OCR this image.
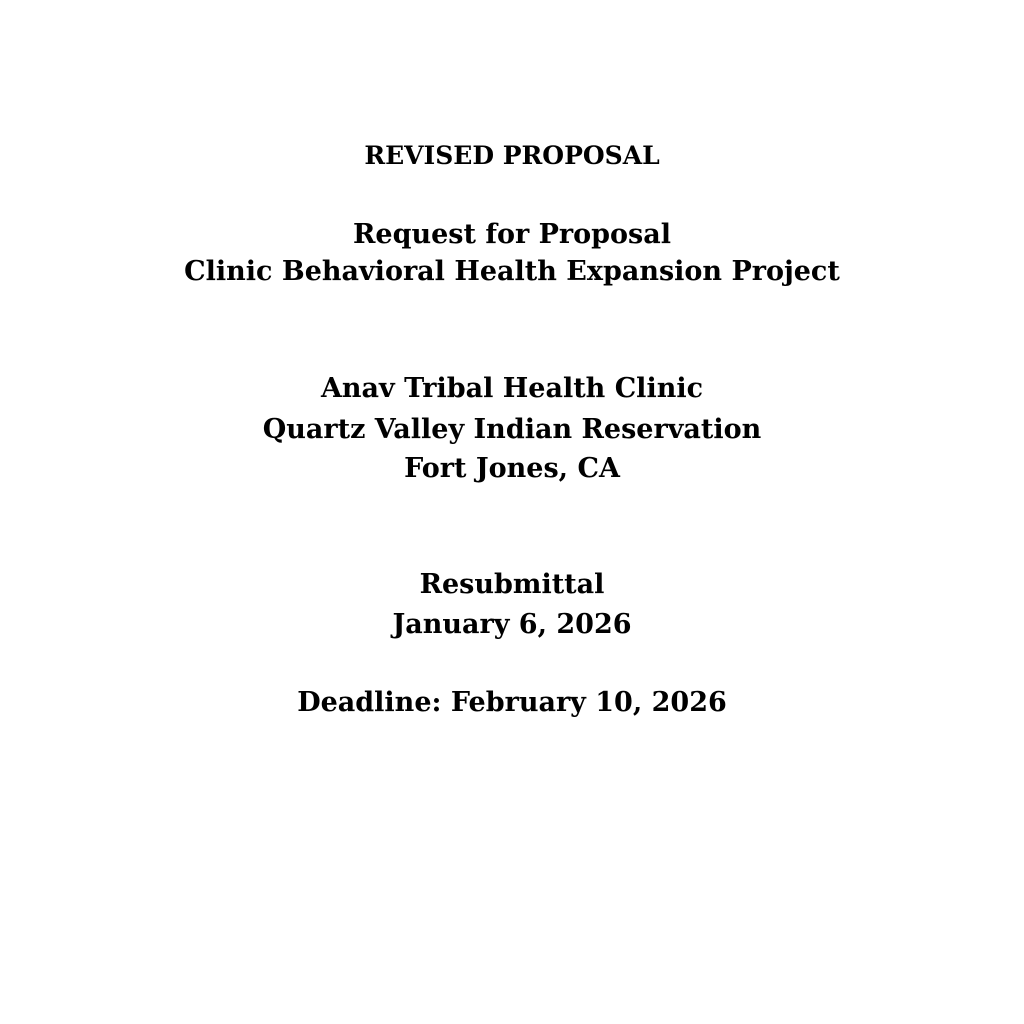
REVISED PROPOSAL
Request for Proposal
Clinic Behavioral Health Expansion Project
Anav Tribal Health Clinic
Quartz Valley Indian Reservation
Fort Jones, CA
Resubmittal
January 6, 2026
Deadline: February 10, 2026
